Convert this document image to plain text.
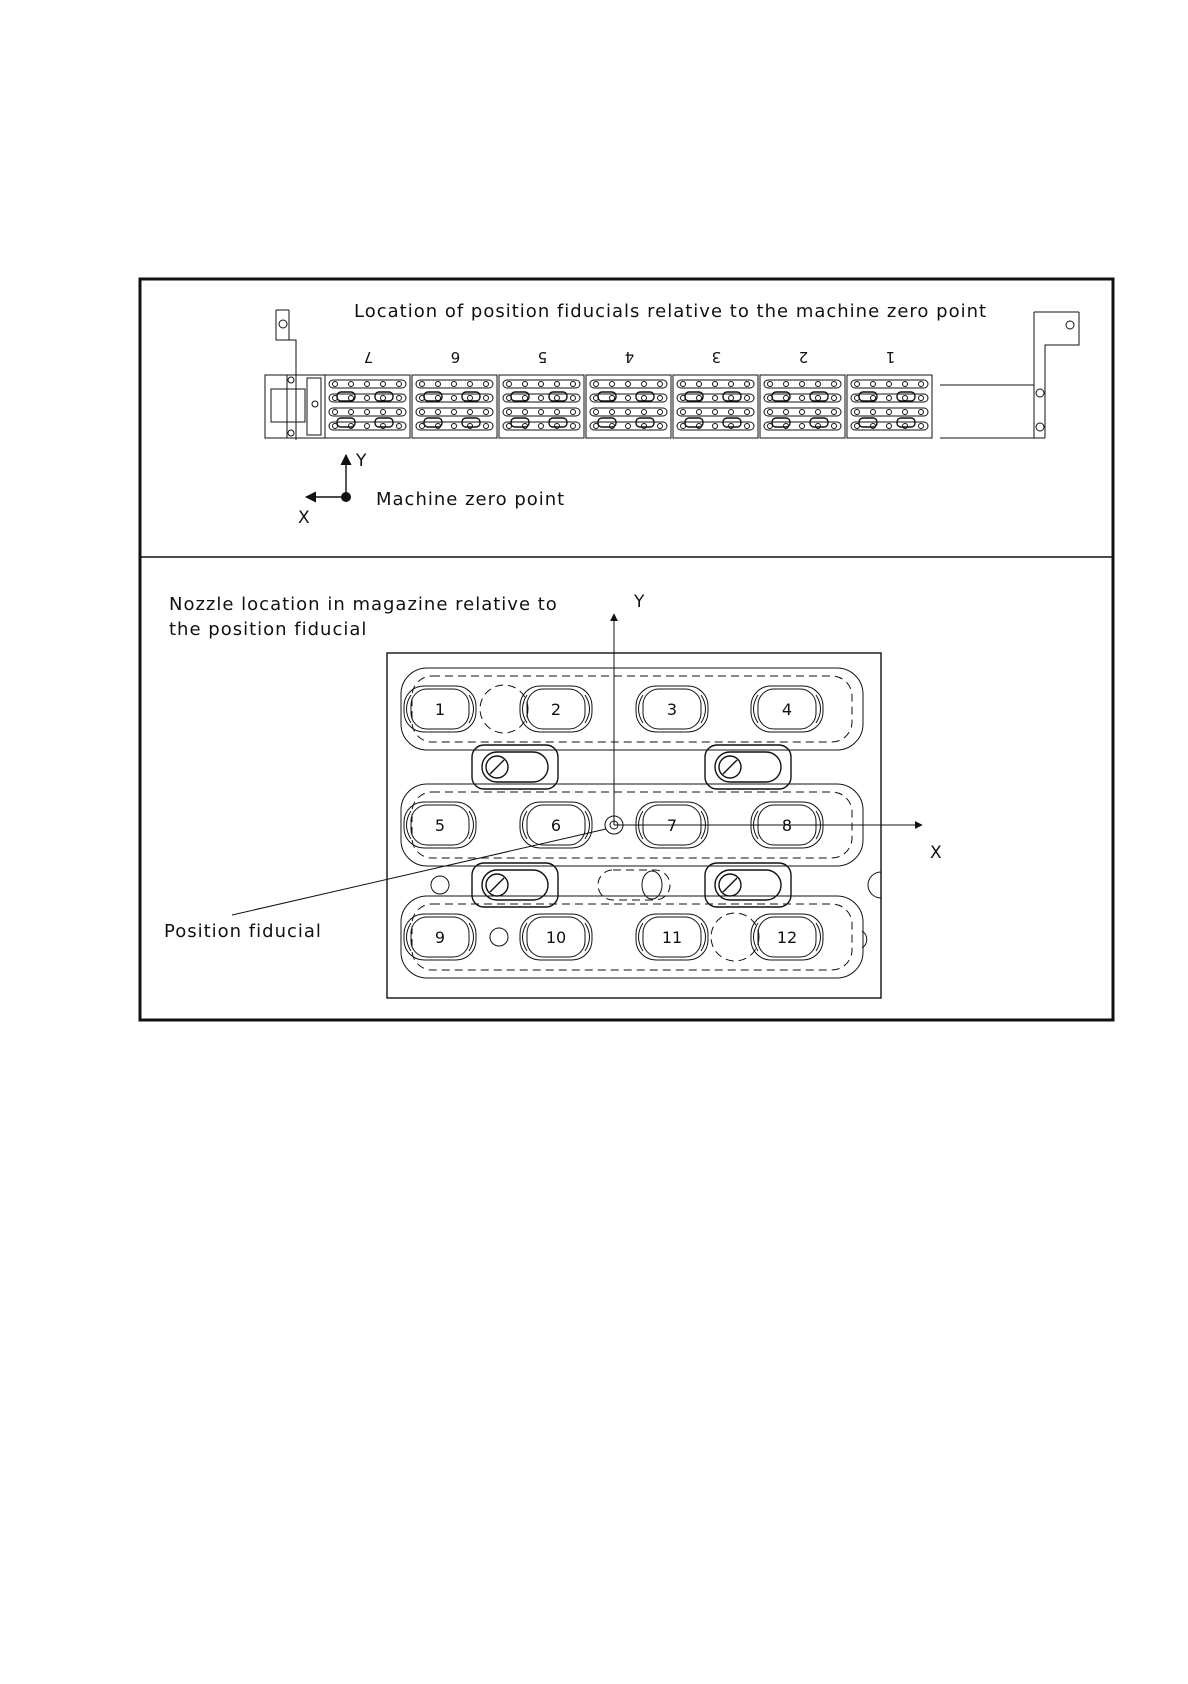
Location of position fiducials relative to the machine zero point
7	6	5	4	3	2	1
Y
X
Machine zero point
Nozzle location in magazine relative to
the position fiducial
1	2	3	4
5	6	7	8
9	10	11	12
Y
X
Position fiducial
